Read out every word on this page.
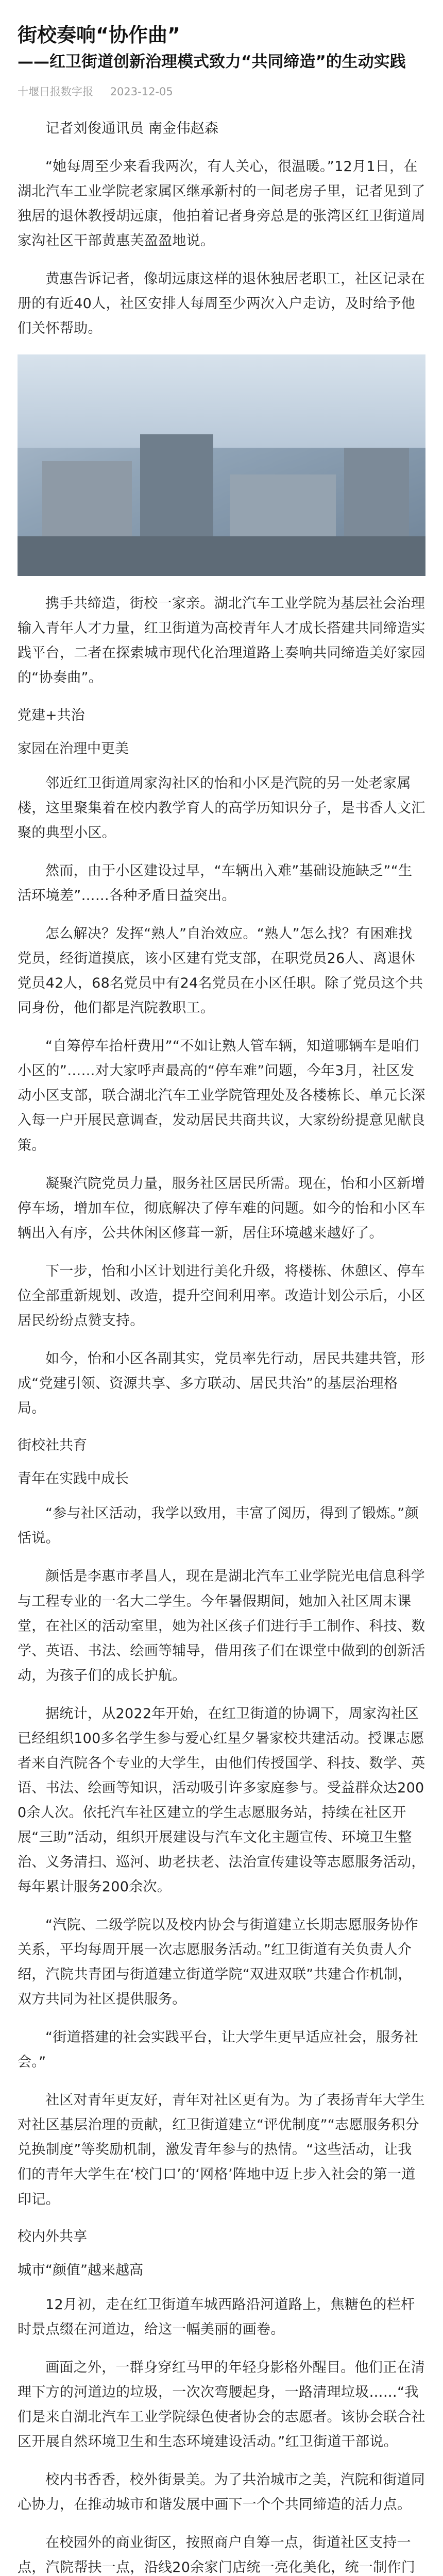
街校奏响“协作曲”
——红卫街道创新治理模式致力“共同缔造”的生动实践
十堰日报数字报 2023-12-05

记者刘俊通讯员 南金伟赵森

“她每周至少来看我两次，有人关心，很温暖。”12月1日，在湖北汽车工业学院老家属区继承新村的一间老房子里，记者见到了独居的退休教授胡远康，他拍着记者身旁总是的张湾区红卫街道周家沟社区干部黄惠芙盈盈地说。

黄惠告诉记者，像胡远康这样的退休独居老职工，社区记录在册的有近40人，社区安排人每周至少两次入户走访，及时给予他们关怀帮助。

携手共缔造，街校一家亲。湖北汽车工业学院为基层社会治理输入青年人才力量，红卫街道为高校青年人才成长搭建共同缔造实践平台，二者在探索城市现代化治理道路上奏响共同缔造美好家园的“协奏曲”。

党建+共治

家园在治理中更美

邻近红卫街道周家沟社区的怡和小区是汽院的另一处老家属楼，这里聚集着在校内教学育人的高学历知识分子，是书香人文汇聚的典型小区。

然而，由于小区建设过早，“车辆出入难”基础设施缺乏”“生活环境差”……各种矛盾日益突出。

怎么解决？发挥“熟人”自治效应。“熟人”怎么找？有困难找党员，经街道摸底，该小区建有党支部，在职党员26人、离退休党员42人，68名党员中有24名党员在小区任职。除了党员这个共同身份，他们都是汽院教职工。

“自筹停车抬杆费用”“不如让熟人管车辆，知道哪辆车是咱们小区的”……对大家呼声最高的“停车难”问题，今年3月，社区发动小区支部，联合湖北汽车工业学院管理处及各楼栋长、单元长深入每一户开展民意调查，发动居民共商共议，大家纷纷提意见献良策。

凝聚汽院党员力量，服务社区居民所需。现在，怡和小区新增停车场，增加车位，彻底解决了停车难的问题。如今的怡和小区车辆出入有序，公共休闲区修葺一新，居住环境越来越好了。

下一步，怡和小区计划进行美化升级，将楼栋、休憩区、停车位全部重新规划、改造，提升空间利用率。改造计划公示后，小区居民纷纷点赞支持。

如今，怡和小区各副其实，党员率先行动，居民共建共管，形成“党建引领、资源共享、多方联动、居民共治”的基层治理格局。

街校社共育

青年在实践中成长

“参与社区活动，我学以致用，丰富了阅历，得到了锻炼。”颜恬说。

颜恬是李惠市孝昌人，现在是湖北汽车工业学院光电信息科学与工程专业的一名大二学生。今年暑假期间，她加入社区周末课堂，在社区的活动室里，她为社区孩子们进行手工制作、科技、数学、英语、书法、绘画等辅导，借用孩子们在课堂中做到的创新活动，为孩子们的成长护航。

据统计，从2022年开始，在红卫街道的协调下，周家沟社区已经组织100多名学生参与爱心红星夕暑家校共建活动。授课志愿者来自汽院各个专业的大学生，由他们传授国学、科技、数学、英语、书法、绘画等知识，活动吸引许多家庭参与。受益群众达2000余人次。依托汽车社区建立的学生志愿服务站，持续在社区开展“三助”活动，组织开展建设与汽车文化主题宣传、环境卫生整治、义务清扫、巡河、助老扶老、法治宣传建设等志愿服务活动，每年累计服务200余次。

“汽院、二级学院以及校内协会与街道建立长期志愿服务协作关系，平均每周开展一次志愿服务活动。”红卫街道有关负责人介绍，汽院共青团与街道建立街道学院“双进双联”共建合作机制，双方共同为社区提供服务。

“街道搭建的社会实践平台，让大学生更早适应社会，服务社会。”

社区对青年更友好，青年对社区更有为。为了表扬青年大学生对社区基层治理的贡献，红卫街道建立“评优制度”“志愿服务积分兑换制度”等奖励机制，激发青年参与的热情。“这些活动，让我们的青年大学生在‘校门口’的‘网格’阵地中迈上步入社会的第一道印记。

校内外共享

城市“颜值”越来越高

12月初，走在红卫街道车城西路沿河道路上，焦糖色的栏杆时景点缀在河道边，给这一幅美丽的画卷。

画面之外，一群身穿红马甲的年轻身影格外醒目。他们正在清理下方的河道边的垃圾，一次次弯腰起身，一路清理垃圾……“我们是来自湖北汽车工业学院绿色使者协会的志愿者。该协会联合社区开展自然环境卫生和生态环境建设活动。”红卫街道干部说。

校内书香香，校外街景美。为了共治城市之美，汽院和街道同心协力，在推动城市和谐发展中画下一个个共同缔造的活力点。

在校园外的商业街区，按照商户自筹一点，街道社区支持一点，汽院帮扶一点，沿线20余家门店统一亮化美化，统一制作门
